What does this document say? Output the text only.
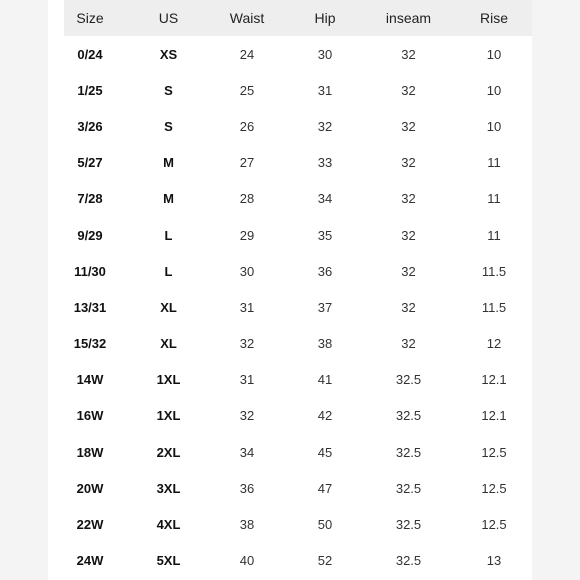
Size	US	Waist	Hip	inseam	Rise
0/24	XS	24	30	32	10
1/25	S	25	31	32	10
3/26	S	26	32	32	10
5/27	M	27	33	32	11
7/28	M	28	34	32	11
9/29	L	29	35	32	11
11/30	L	30	36	32	11.5
13/31	XL	31	37	32	11.5
15/32	XL	32	38	32	12
14W	1XL	31	41	32.5	12.1
16W	1XL	32	42	32.5	12.1
18W	2XL	34	45	32.5	12.5
20W	3XL	36	47	32.5	12.5
22W	4XL	38	50	32.5	12.5
24W	5XL	40	52	32.5	13
